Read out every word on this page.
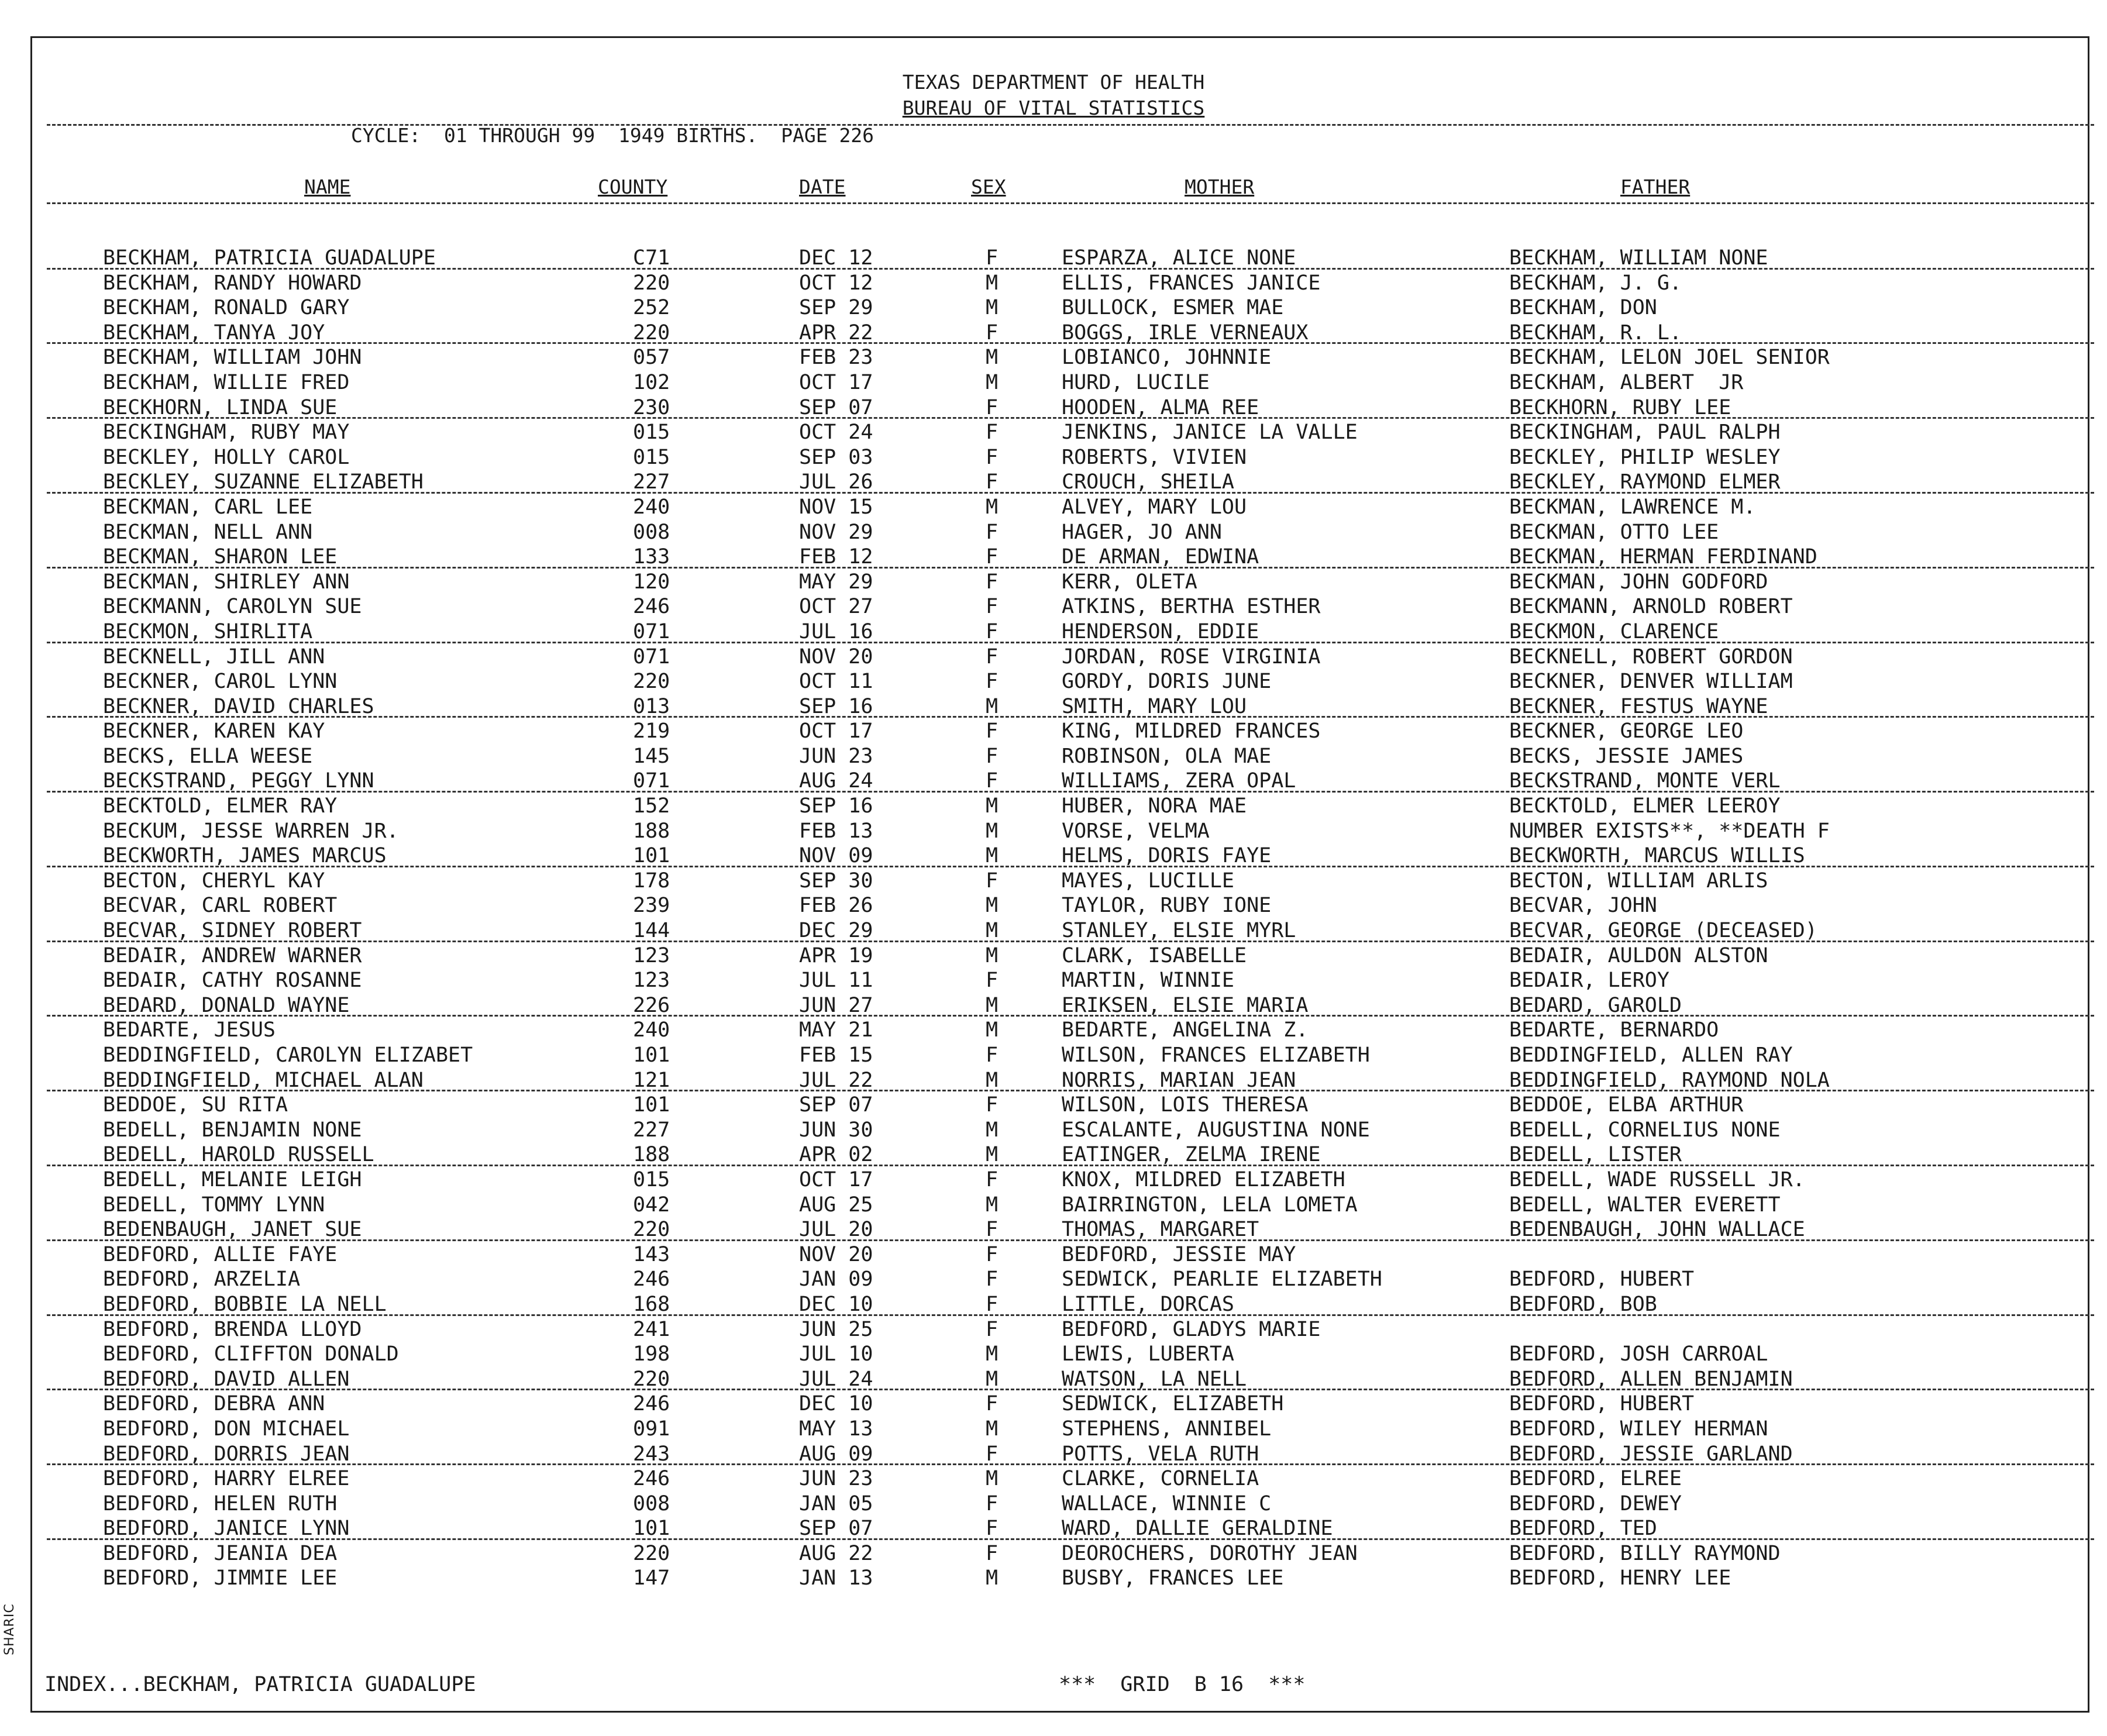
SHARIC
TEXAS DEPARTMENT OF HEALTH
BUREAU OF VITAL STATISTICS
CYCLE:  01 THROUGH 99  1949 BIRTHS.  PAGE 226
NAME	COUNTY	DATE	SEX	MOTHER	FATHER
BECKHAM, PATRICIA GUADALUPE	C71	DEC 12	F	ESPARZA, ALICE NONE	BECKHAM, WILLIAM NONE
BECKHAM, RANDY HOWARD	220	OCT 12	M	ELLIS, FRANCES JANICE	BECKHAM, J. G.
BECKHAM, RONALD GARY	252	SEP 29	M	BULLOCK, ESMER MAE	BECKHAM, DON
BECKHAM, TANYA JOY	220	APR 22	F	BOGGS, IRLE VERNEAUX	BECKHAM, R. L.
BECKHAM, WILLIAM JOHN	057	FEB 23	M	LOBIANCO, JOHNNIE	BECKHAM, LELON JOEL SENIOR
BECKHAM, WILLIE FRED	102	OCT 17	M	HURD, LUCILE	BECKHAM, ALBERT  JR
BECKHORN, LINDA SUE	230	SEP 07	F	HOODEN, ALMA REE	BECKHORN, RUBY LEE
BECKINGHAM, RUBY MAY	015	OCT 24	F	JENKINS, JANICE LA VALLE	BECKINGHAM, PAUL RALPH
BECKLEY, HOLLY CAROL	015	SEP 03	F	ROBERTS, VIVIEN	BECKLEY, PHILIP WESLEY
BECKLEY, SUZANNE ELIZABETH	227	JUL 26	F	CROUCH, SHEILA	BECKLEY, RAYMOND ELMER
BECKMAN, CARL LEE	240	NOV 15	M	ALVEY, MARY LOU	BECKMAN, LAWRENCE M.
BECKMAN, NELL ANN	008	NOV 29	F	HAGER, JO ANN	BECKMAN, OTTO LEE
BECKMAN, SHARON LEE	133	FEB 12	F	DE ARMAN, EDWINA	BECKMAN, HERMAN FERDINAND
BECKMAN, SHIRLEY ANN	120	MAY 29	F	KERR, OLETA	BECKMAN, JOHN GODFORD
BECKMANN, CAROLYN SUE	246	OCT 27	F	ATKINS, BERTHA ESTHER	BECKMANN, ARNOLD ROBERT
BECKMON, SHIRLITA	071	JUL 16	F	HENDERSON, EDDIE	BECKMON, CLARENCE
BECKNELL, JILL ANN	071	NOV 20	F	JORDAN, ROSE VIRGINIA	BECKNELL, ROBERT GORDON
BECKNER, CAROL LYNN	220	OCT 11	F	GORDY, DORIS JUNE	BECKNER, DENVER WILLIAM
BECKNER, DAVID CHARLES	013	SEP 16	M	SMITH, MARY LOU	BECKNER, FESTUS WAYNE
BECKNER, KAREN KAY	219	OCT 17	F	KING, MILDRED FRANCES	BECKNER, GEORGE LEO
BECKS, ELLA WEESE	145	JUN 23	F	ROBINSON, OLA MAE	BECKS, JESSIE JAMES
BECKSTRAND, PEGGY LYNN	071	AUG 24	F	WILLIAMS, ZERA OPAL	BECKSTRAND, MONTE VERL
BECKTOLD, ELMER RAY	152	SEP 16	M	HUBER, NORA MAE	BECKTOLD, ELMER LEEROY
BECKUM, JESSE WARREN JR.	188	FEB 13	M	VORSE, VELMA	NUMBER EXISTS**, **DEATH F
BECKWORTH, JAMES MARCUS	101	NOV 09	M	HELMS, DORIS FAYE	BECKWORTH, MARCUS WILLIS
BECTON, CHERYL KAY	178	SEP 30	F	MAYES, LUCILLE	BECTON, WILLIAM ARLIS
BECVAR, CARL ROBERT	239	FEB 26	M	TAYLOR, RUBY IONE	BECVAR, JOHN
BECVAR, SIDNEY ROBERT	144	DEC 29	M	STANLEY, ELSIE MYRL	BECVAR, GEORGE (DECEASED)
BEDAIR, ANDREW WARNER	123	APR 19	M	CLARK, ISABELLE	BEDAIR, AULDON ALSTON
BEDAIR, CATHY ROSANNE	123	JUL 11	F	MARTIN, WINNIE	BEDAIR, LEROY
BEDARD, DONALD WAYNE	226	JUN 27	M	ERIKSEN, ELSIE MARIA	BEDARD, GAROLD
BEDARTE, JESUS	240	MAY 21	M	BEDARTE, ANGELINA Z.	BEDARTE, BERNARDO
BEDDINGFIELD, CAROLYN ELIZABET	101	FEB 15	F	WILSON, FRANCES ELIZABETH	BEDDINGFIELD, ALLEN RAY
BEDDINGFIELD, MICHAEL ALAN	121	JUL 22	M	NORRIS, MARIAN JEAN	BEDDINGFIELD, RAYMOND NOLA
BEDDOE, SU RITA	101	SEP 07	F	WILSON, LOIS THERESA	BEDDOE, ELBA ARTHUR
BEDELL, BENJAMIN NONE	227	JUN 30	M	ESCALANTE, AUGUSTINA NONE	BEDELL, CORNELIUS NONE
BEDELL, HAROLD RUSSELL	188	APR 02	M	EATINGER, ZELMA IRENE	BEDELL, LISTER
BEDELL, MELANIE LEIGH	015	OCT 17	F	KNOX, MILDRED ELIZABETH	BEDELL, WADE RUSSELL JR.
BEDELL, TOMMY LYNN	042	AUG 25	M	BAIRRINGTON, LELA LOMETA	BEDELL, WALTER EVERETT
BEDENBAUGH, JANET SUE	220	JUL 20	F	THOMAS, MARGARET	BEDENBAUGH, JOHN WALLACE
BEDFORD, ALLIE FAYE	143	NOV 20	F	BEDFORD, JESSIE MAY
BEDFORD, ARZELIA	246	JAN 09	F	SEDWICK, PEARLIE ELIZABETH	BEDFORD, HUBERT
BEDFORD, BOBBIE LA NELL	168	DEC 10	F	LITTLE, DORCAS	BEDFORD, BOB
BEDFORD, BRENDA LLOYD	241	JUN 25	F	BEDFORD, GLADYS MARIE
BEDFORD, CLIFFTON DONALD	198	JUL 10	M	LEWIS, LUBERTA	BEDFORD, JOSH CARROAL
BEDFORD, DAVID ALLEN	220	JUL 24	M	WATSON, LA NELL	BEDFORD, ALLEN BENJAMIN
BEDFORD, DEBRA ANN	246	DEC 10	F	SEDWICK, ELIZABETH	BEDFORD, HUBERT
BEDFORD, DON MICHAEL	091	MAY 13	M	STEPHENS, ANNIBEL	BEDFORD, WILEY HERMAN
BEDFORD, DORRIS JEAN	243	AUG 09	F	POTTS, VELA RUTH	BEDFORD, JESSIE GARLAND
BEDFORD, HARRY ELREE	246	JUN 23	M	CLARKE, CORNELIA	BEDFORD, ELREE
BEDFORD, HELEN RUTH	008	JAN 05	F	WALLACE, WINNIE C	BEDFORD, DEWEY
BEDFORD, JANICE LYNN	101	SEP 07	F	WARD, DALLIE GERALDINE	BEDFORD, TED
BEDFORD, JEANIA DEA	220	AUG 22	F	DEOROCHERS, DOROTHY JEAN	BEDFORD, BILLY RAYMOND
BEDFORD, JIMMIE LEE	147	JAN 13	M	BUSBY, FRANCES LEE	BEDFORD, HENRY LEE
INDEX...BECKHAM, PATRICIA GUADALUPE	***  GRID  B 16  ***
